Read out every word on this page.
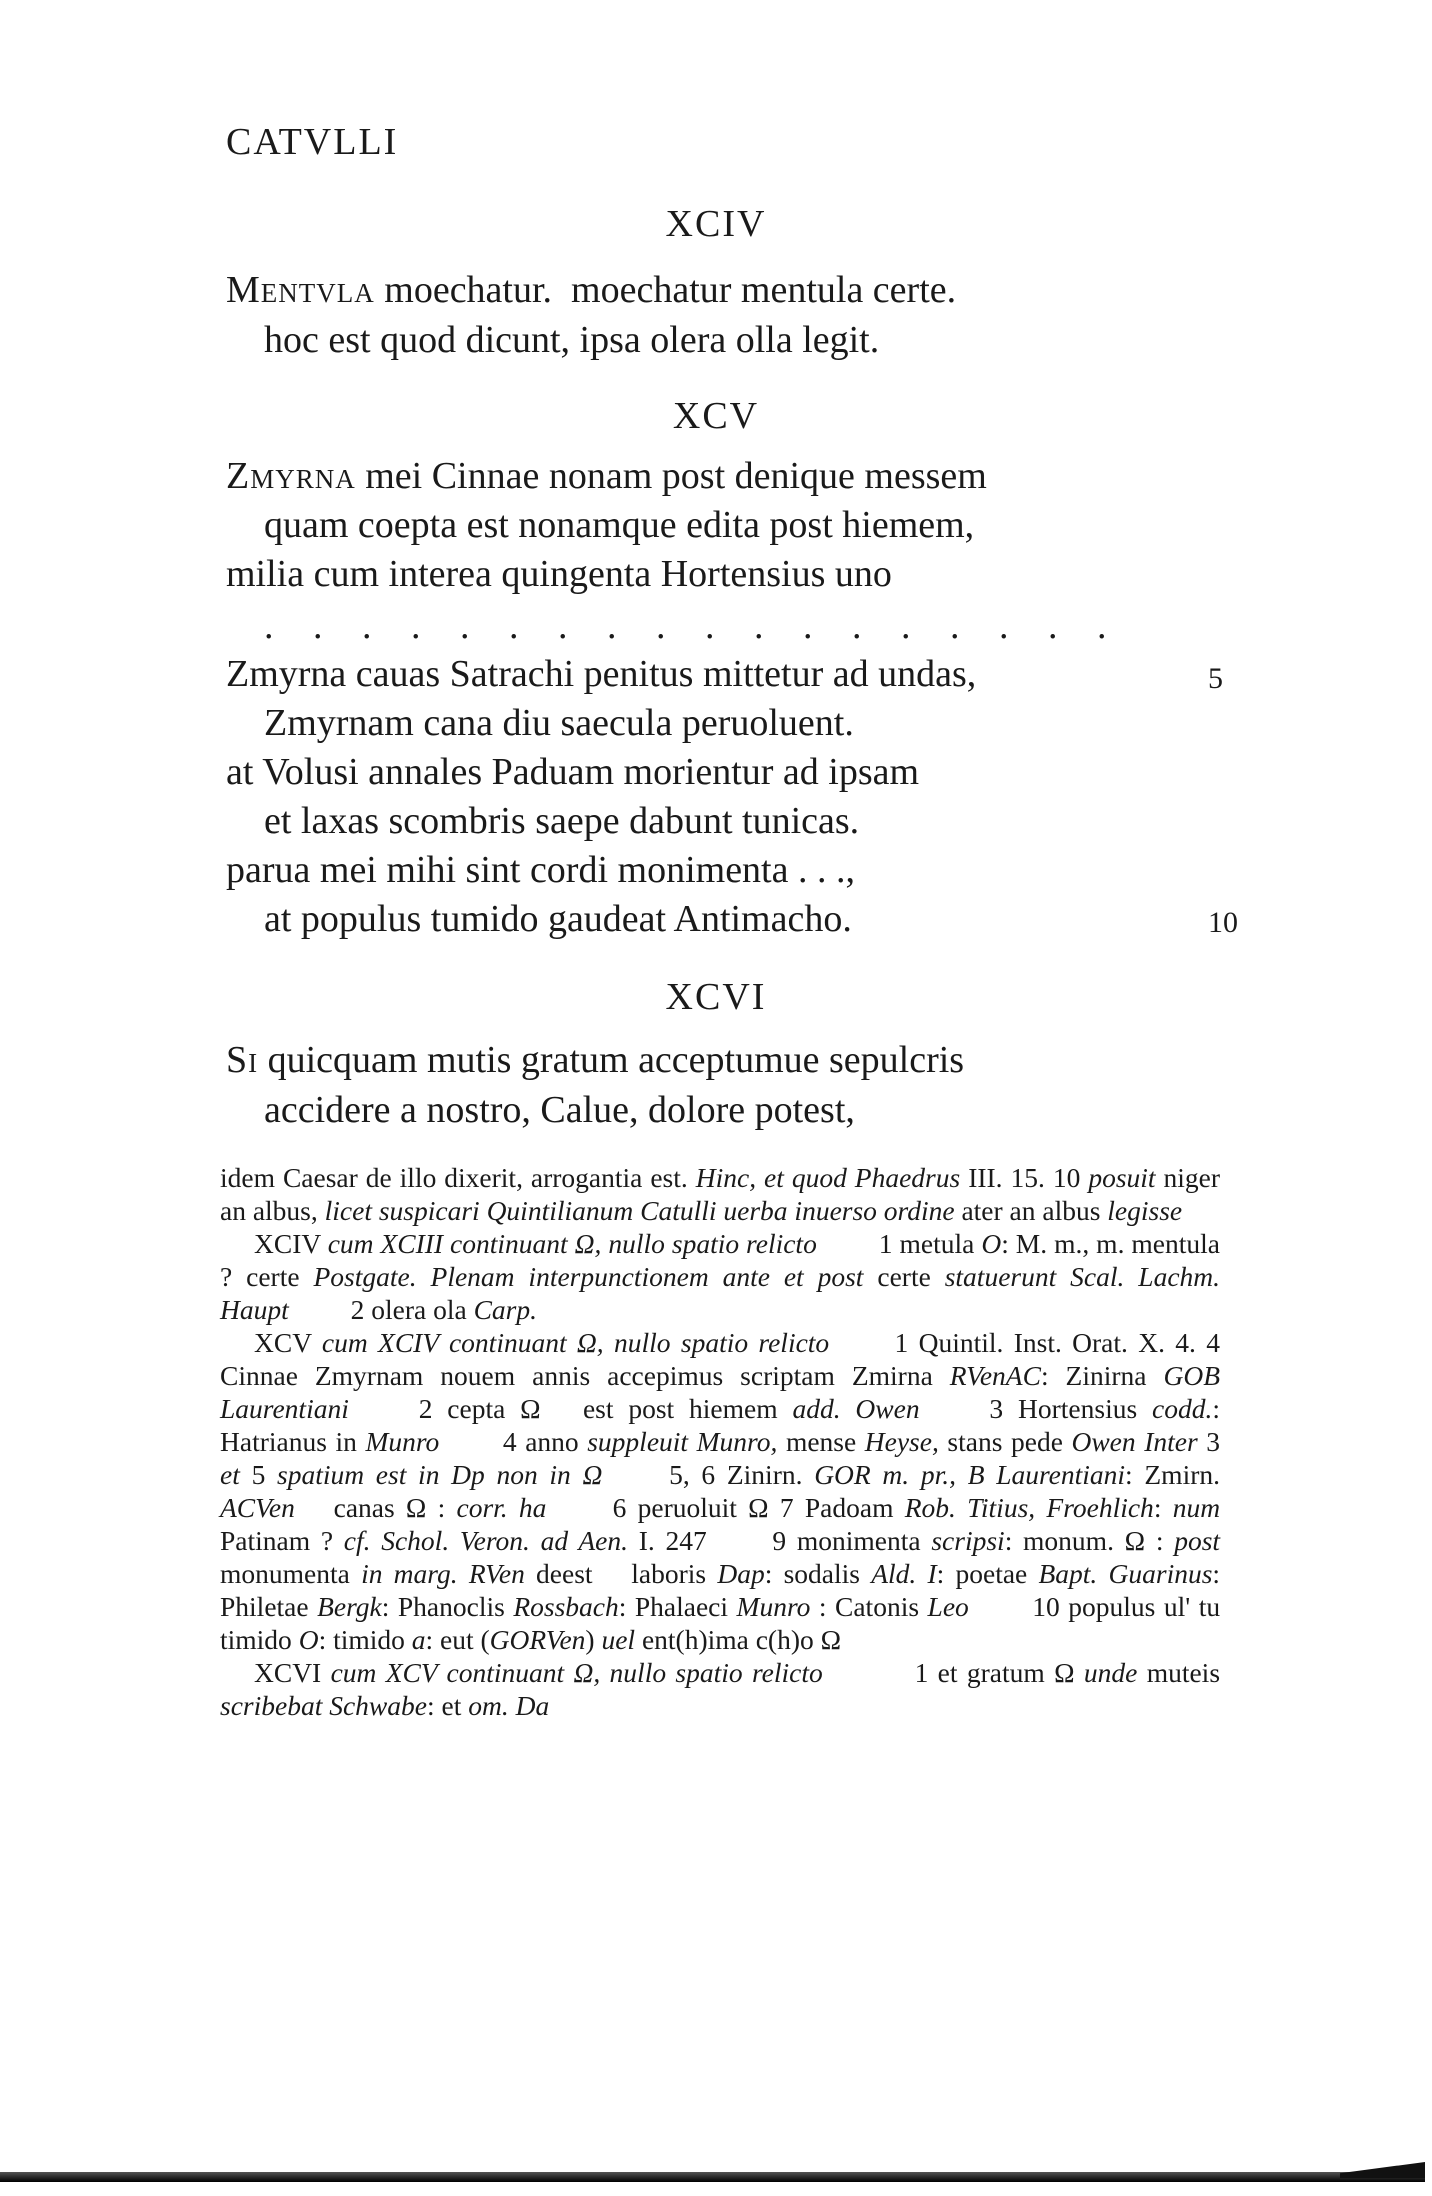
CATVLLI
XCIV
Mentvla moechatur.  moechatur mentula certe.
hoc est quod dicunt, ipsa olera olla legit.
XCV
Zmyrna mei Cinnae nonam post denique messem
quam coepta est nonamque edita post hiemem,
milia cum interea quingenta Hortensius uno
. . . . . . . . . . . . . . . . . .
Zmyrna cauas Satrachi penitus mittetur ad undas,	5
Zmyrnam cana diu saecula peruoluent.
at Volusi annales Paduam morientur ad ipsam
et laxas scombris saepe dabunt tunicas.
parua mei mihi sint cordi monimenta . . .,
at populus tumido gaudeat Antimacho.	10
XCVI
Si quicquam mutis gratum acceptumue sepulcris
accidere a nostro, Calue, dolore potest,

idem Caesar de illo dixerit, arrogantia est. Hinc, et quod Phaedrus III. 15. 10 posuit niger an albus, licet suspicari Quintilianum Catulli uerba inuerso ordine ater an albus legisse

XCIV cum XCIII continuant Ω, nullo spatio relicto   1 metula O: M. m., m. mentula ? certe Postgate. Plenam interpunctionem ante et post certe statuerunt Scal. Lachm. Haupt   2 olera ola Carp.

XCV cum XCIV continuant Ω, nullo spatio relicto   1 Quintil. Inst. Orat. X. 4. 4 Cinnae Zmyrnam nouem annis accepimus scriptam Zmirna RVenAC: Zinirna GOB Laurentiani  	2 cepta Ω  est post hiemem add. Owen  	3 Hortensius codd.: Hatrianus in Munro   4 anno suppleuit Munro, mense Heyse, stans pede Owen Inter 3 et 5 spatium est in Dp non in Ω   5, 6 Zinirn. GOR m. pr., B Laurentiani: Zmirn. ACVen  canas Ω : corr. ha   6 peruoluit Ω 7 Padoam Rob. Titius, Froehlich: num Patinam ? cf. Schol. Veron. ad Aen. I. 247   9 monimenta scripsi: monum. Ω : post monumenta in marg. RVen deest  laboris Dap: sodalis Ald. I: poetae Bapt. Guarinus: Philetae Bergk: Phanoclis Rossbach: Phalaeci Munro : Catonis Leo   10 populus ul' tu timido O: timido a: eut (GORVen) uel ent(h)ima c(h)o Ω

XCVI cum XCV continuant Ω, nullo spatio relicto   	1 et gratum Ω unde muteis scribebat Schwabe: et om. Da
